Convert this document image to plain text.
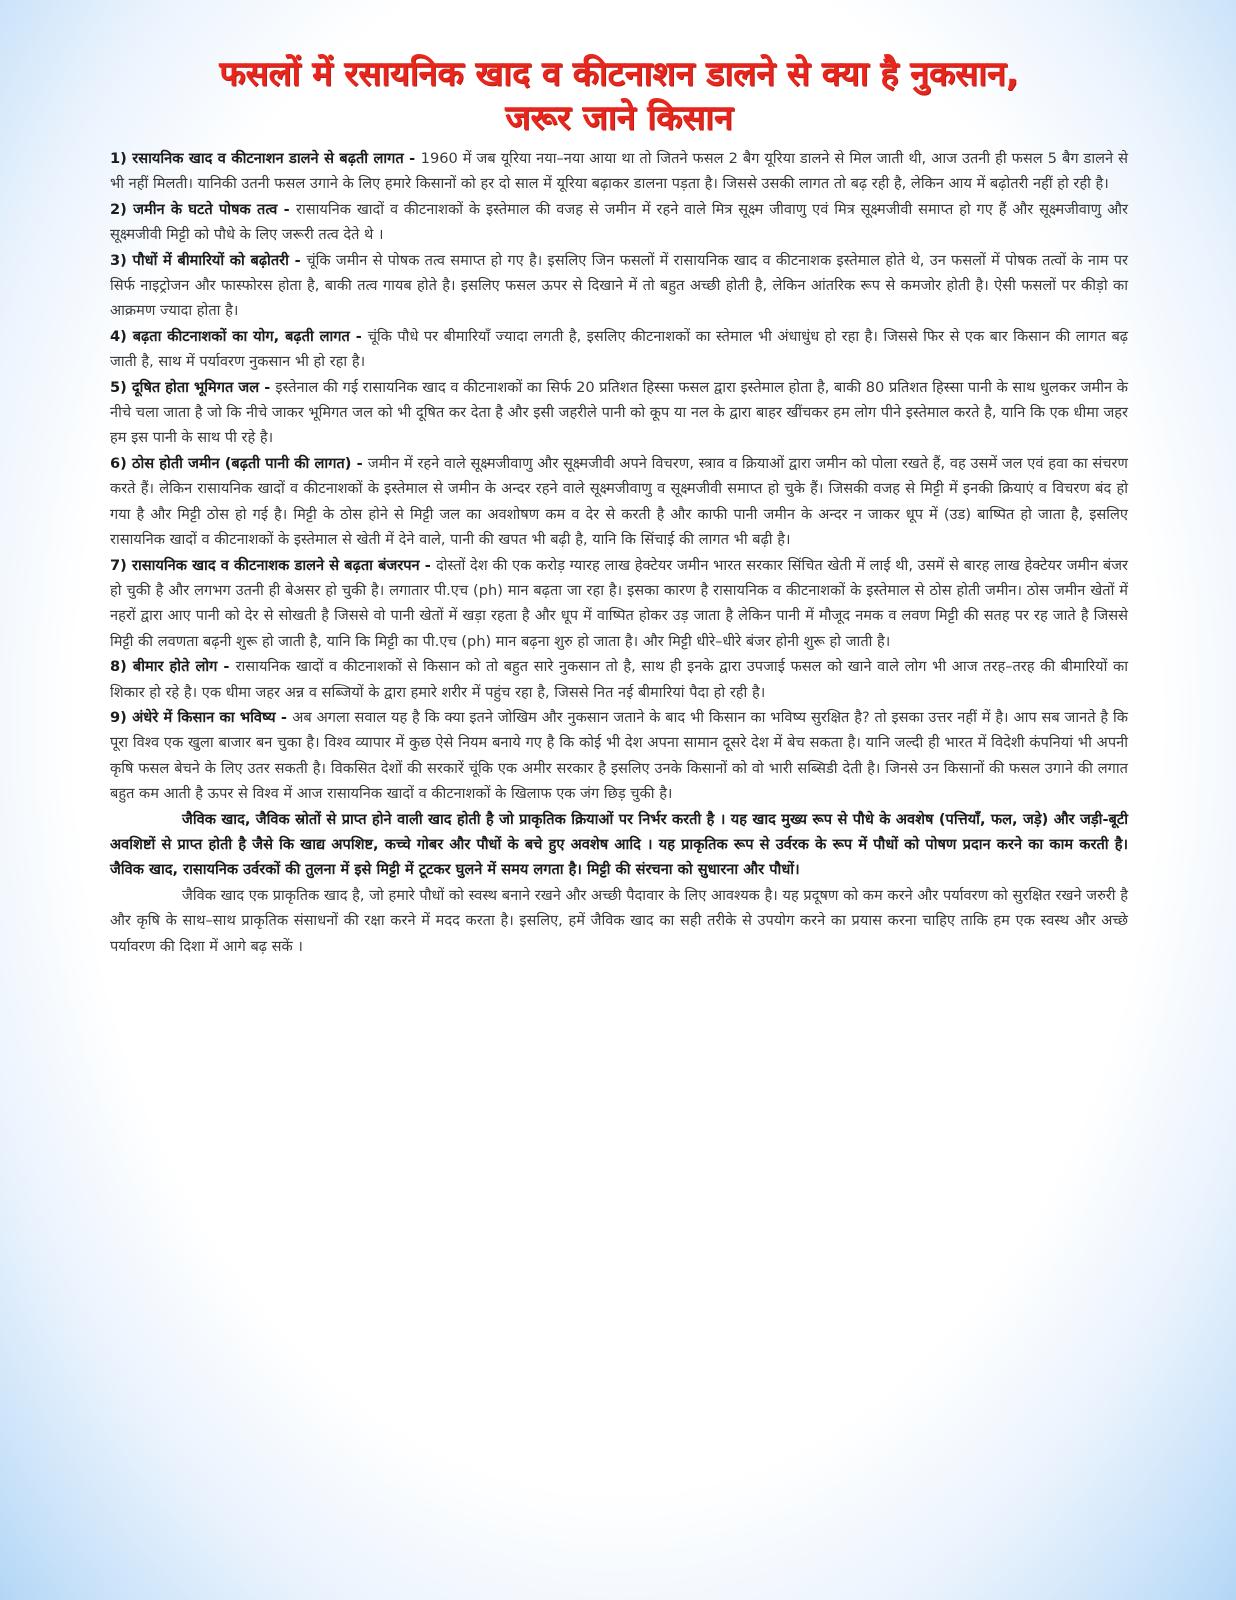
फसलों में रसायनिक खाद व कीटनाशन डालने से क्या है नुकसान,
जरूर जाने किसान

1) रसायनिक खाद व कीटनाशन डालने से बढ़ती लागत - 1960 में जब यूरिया नया–नया आया था तो जितने फसल 2 बैग यूरिया डालने से मिल जाती थी, आज उतनी ही फसल 5 बैग डालने से भी नहीं मिलती। यानिकी उतनी फसल उगाने के लिए हमारे किसानों को हर दो साल में यूरिया बढ़ाकर डालना पड़ता है। जिससे उसकी लागत तो बढ़ रही है, लेकिन आय में बढ़ोतरी नहीं हो रही है।

2) जमीन के घटते पोषक तत्व - रासायनिक खादों व कीटनाशकों के इस्तेमाल की वजह से जमीन में रहने वाले मित्र सूक्ष्म जीवाणु एवं मित्र सूक्ष्मजीवी समाप्त हो गए हैं और सूक्ष्मजीवाणु और सूक्ष्मजीवी मिट्टी को पौधे के लिए जरूरी तत्व देते थे ।

3) पौधों में बीमारियों को बढ़ोतरी - चूंकि जमीन से पोषक तत्व समाप्त हो गए है। इसलिए जिन फसलों में रासायनिक खाद व कीटनाशक इस्तेमाल होते थे, उन फसलों में पोषक तत्वों के नाम पर सिर्फ नाइट्रोजन और फास्फोरस होता है, बाकी तत्व गायब होते है। इसलिए फसल ऊपर से दिखाने में तो बहुत अच्छी होती है, लेकिन आंतरिक रूप से कमजोर होती है। ऐसी फसलों पर कीड़ो का आक्रमण ज्यादा होता है।

4) बढ़ता कीटनाशकों का योग, बढ़ती लागत - चूंकि पौधे पर बीमारियाँ ज्यादा लगती है, इसलिए कीटनाशकों का स्तेमाल भी अंधाधुंध हो रहा है। जिससे फिर से एक बार किसान की लागत बढ़ जाती है, साथ में पर्यावरण नुकसान भी हो रहा है।

5) दूषित होता भूमिगत जल - इस्तेनाल की गई रासायनिक खाद व कीटनाशकों का सिर्फ 20 प्रतिशत हिस्सा फसल द्वारा इस्तेमाल होता है, बाकी 80 प्रतिशत हिस्सा पानी के साथ धुलकर जमीन के नीचे चला जाता है जो कि नीचे जाकर भूमिगत जल को भी दूषित कर देता है और इसी जहरीले पानी को कूप या नल के द्वारा बाहर खींचकर हम लोग पीने इस्तेमाल करते है, यानि कि एक धीमा जहर हम इस पानी के साथ पी रहे है।

6) ठोस होती जमीन (बढ़ती पानी की लागत) - जमीन में रहने वाले सूक्ष्मजीवाणु और सूक्ष्मजीवी अपने विचरण, स्त्राव व क्रियाओं द्वारा जमीन को पोला रखते हैं, वह उसमें जल एवं हवा का संचरण करते हैं। लेकिन रासायनिक खादों व कीटनाशकों के इस्तेमाल से जमीन के अन्दर रहने वाले सूक्ष्मजीवाणु व सूक्ष्मजीवी समाप्त हो चुके हैं। जिसकी वजह से मिट्टी में इनकी क्रियाएं व विचरण बंद हो गया है और मिट्टी ठोस हो गई है। मिट्टी के ठोस होने से मिट्टी जल का अवशोषण कम व देर से करती है और काफी पानी जमीन के अन्दर न जाकर धूप में (उड) बाष्पित हो जाता है, इसलिए रासायनिक खादों व कीटनाशकों के इस्तेमाल से खेती में देने वाले, पानी की खपत भी बढ़ी है, यानि कि सिंचाई की लागत भी बढ़ी है।

7) रासायनिक खाद व कीटनाशक डालने से बढ़ता बंजरपन - दोस्तों देश की एक करोड़ ग्यारह लाख हेक्टेयर जमीन भारत सरकार सिंचित खेती में लाई थी, उसमें से बारह लाख हेक्टेयर जमीन बंजर हो चुकी है और लगभग उतनी ही बेअसर हो चुकी है। लगातार पी.एच (ph) मान बढ़ता जा रहा है। इसका कारण है रासायनिक व कीटनाशकों के इस्तेमाल से ठोस होती जमीन। ठोस जमीन खेतों में नहरों द्वारा आए पानी को देर से सोखती है जिससे वो पानी खेतों में खड़ा रहता है और धूप में वाष्पित होकर उड़ जाता है लेकिन पानी में मौजूद नमक व लवण मिट्टी की सतह पर रह जाते है जिससे मिट्टी की लवणता बढ़नी शुरू हो जाती है, यानि कि मिट्टी का पी.एच (ph) मान बढ़ना शुरु हो जाता है। और मिट्टी धीरे–धीरे बंजर होनी शुरू हो जाती है।

8) बीमार होते लोग - रासायनिक खादों व कीटनाशकों से किसान को तो बहुत सारे नुकसान तो है, साथ ही इनके द्वारा उपजाई फसल को खाने वाले लोग भी आज तरह–तरह की बीमारियों का शिकार हो रहे है। एक धीमा जहर अन्न व सब्जियों के द्वारा हमारे शरीर में पहुंच रहा है, जिससे नित नई बीमारियां पैदा हो रही है।

9) अंधेरे में किसान का भविष्य - अब अगला सवाल यह है कि क्या इतने जोखिम और नुकसान जताने के बाद भी किसान का भविष्य सुरक्षित है? तो इसका उत्तर नहीं में है। आप सब जानते है कि पूरा विश्व एक खुला बाजार बन चुका है। विश्व व्यापार में कुछ ऐसे नियम बनाये गए है कि कोई भी देश अपना सामान दूसरे देश में बेच सकता है। यानि जल्दी ही भारत में विदेशी कंपनियां भी अपनी कृषि फसल बेचने के लिए उतर सकती है। विकसित देशों की सरकारें चूंकि एक अमीर सरकार है इसलिए उनके किसानों को वो भारी सब्सिडी देती है। जिनसे उन किसानों की फसल उगाने की लगात बहुत कम आती है ऊपर से विश्व में आज रासायनिक खादों व कीटनाशकों के खिलाफ एक जंग छिड़ चुकी है।

जैविक खाद, जैविक स्रोतों से प्राप्त होने वाली खाद होती है जो प्राकृतिक क्रियाओं पर निर्भर करती है । यह खाद मुख्य रूप से पौधे के अवशेष (पत्तियाँ, फल, जड़े) और जड़ी-बूटी अवशिष्टों से प्राप्त होती है जैसे कि खाद्य अपशिष्ट, कच्चे गोबर और पौधों के बचे हुए अवशेष आदि । यह प्राकृतिक रूप से उर्वरक के रूप में पौधों को पोषण प्रदान करने का काम करती है। जैविक खाद, रासायनिक उर्वरकों की तुलना में इसे मिट्टी में टूटकर घुलने में समय लगता है। मिट्टी की संरचना को सुधारना और पौधों।

जैविक खाद एक प्राकृतिक खाद है, जो हमारे पौधों को स्वस्थ बनाने रखने और अच्छी पैदावार के लिए आवश्यक है। यह प्रदूषण को कम करने और पर्यावरण को सुरक्षित रखने जरुरी है और कृषि के साथ–साथ प्राकृतिक संसाधनों की रक्षा करने में मदद करता है। इसलिए, हमें जैविक खाद का सही तरीके से उपयोग करने का प्रयास करना चाहिए ताकि हम एक स्वस्थ और अच्छे पर्यावरण की दिशा में आगे बढ़ सकें ।
